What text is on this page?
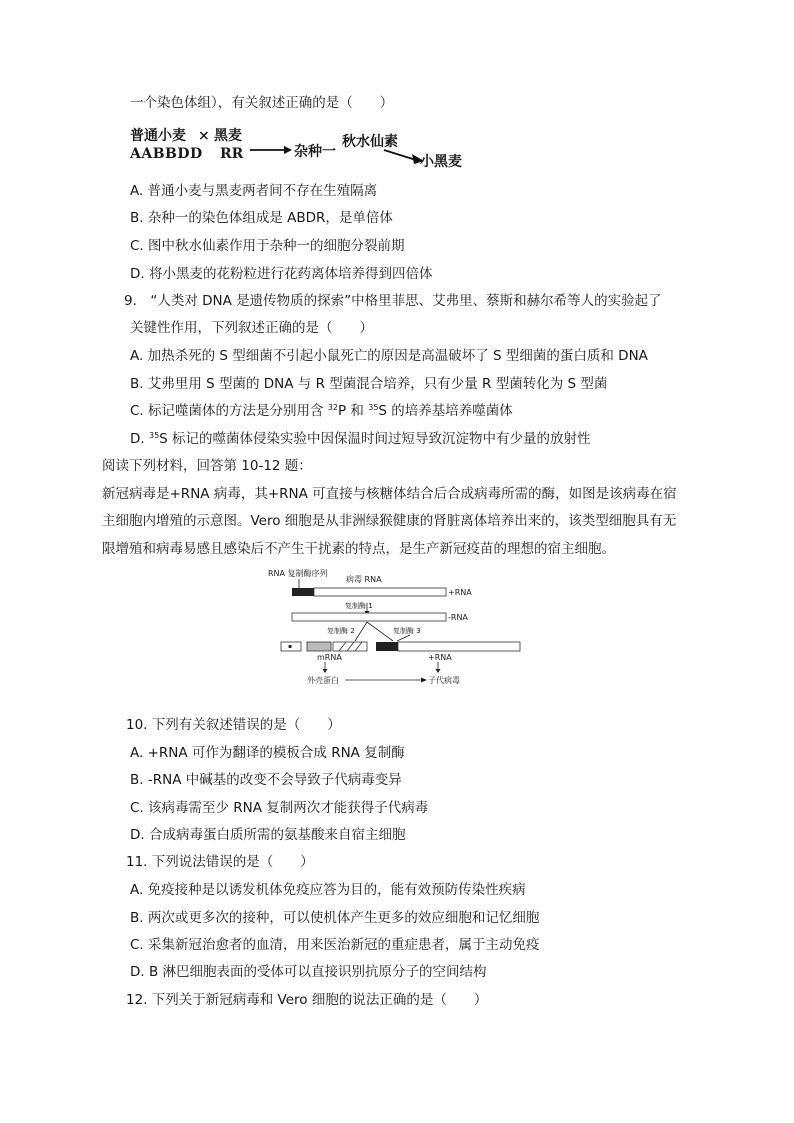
一个染色体组），有关叙述正确的是（　　）
普通小麦 × 黑麦
AABBDD RR	杂种一
秋水仙素
小黑麦
A. 普通小麦与黑麦两者间不存在生殖隔离
B. 杂种一的染色体组成是 ABDR，是单倍体
C. 图中秋水仙素作用于杂种一的细胞分裂前期
D. 将小黑麦的花粉粒进行花药离体培养得到四倍体
9.　“人类对 DNA 是遗传物质的探索”中格里菲思、艾弗里、蔡斯和赫尔希等人的实验起了
关键性作用，下列叙述正确的是（　　）
A. 加热杀死的 S 型细菌不引起小鼠死亡的原因是高温破坏了 S 型细菌的蛋白质和 DNA
B. 艾弗里用 S 型菌的 DNA 与 R 型菌混合培养，只有少量 R 型菌转化为 S 型菌
C. 标记噬菌体的方法是分别用含 $^{32}$P 和 $^{35}$S 的培养基培养噬菌体
D. $^{35}$S 标记的噬菌体侵染实验中因保温时间过短导致沉淀物中有少量的放射性
阅读下列材料，回答第 10-12 题：
新冠病毒是+RNA 病毒，其+RNA 可直接与核糖体结合后合成病毒所需的酶，如图是该病毒在宿
主细胞内增殖的示意图。Vero 细胞是从非洲绿猴健康的肾脏离体培养出来的，该类型细胞具有无
限增殖和病毒易感且感染后不产生干扰素的特点，是生产新冠疫苗的理想的宿主细胞。
RNA 复制酶序列
病毒 RNA
+RNA
复制酶 1
-RNA
复制酶 2	复制酶 3
mRNA	+RNA
外壳蛋白	子代病毒
10. 下列有关叙述错误的是（　　）
A. +RNA 可作为翻译的模板合成 RNA 复制酶
B. -RNA 中碱基的改变不会导致子代病毒变异
C. 该病毒需至少 RNA 复制两次才能获得子代病毒
D. 合成病毒蛋白质所需的氨基酸来自宿主细胞
11. 下列说法错误的是（　　）
A. 免疫接种是以诱发机体免疫应答为目的，能有效预防传染性疾病
B. 两次或更多次的接种，可以使机体产生更多的效应细胞和记忆细胞
C. 采集新冠治愈者的血清，用来医治新冠的重症患者，属于主动免疫
D. B 淋巴细胞表面的受体可以直接识别抗原分子的空间结构
12. 下列关于新冠病毒和 Vero 细胞的说法正确的是（　　）
